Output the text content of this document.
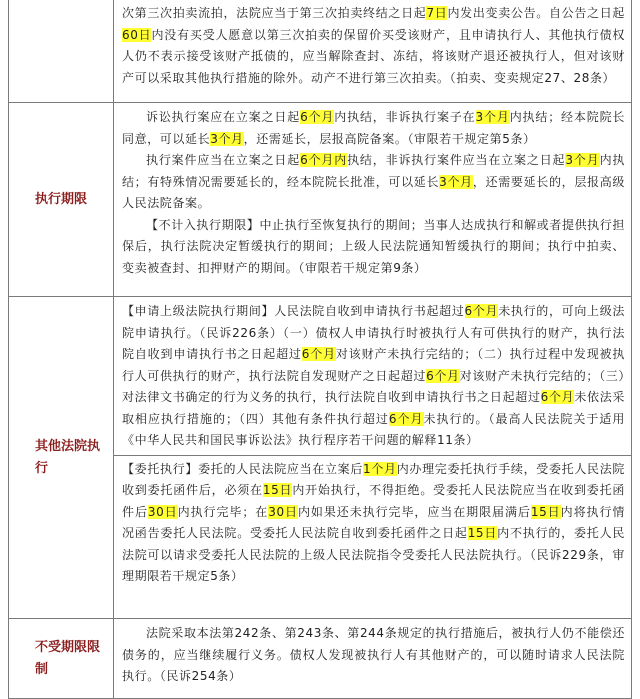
	次第三次拍卖流拍，法院应当于第三次拍卖终结之日起7日内发出变卖公告。自公告之日起60日内没有买受人愿意以第三次拍卖的保留价买受该财产，且申请执行人、其他执行债权人仍不表示接受该财产抵债的，应当解除查封、冻结，将该财产退还被执行人，但对该财产可以采取其他执行措施的除外。动产不进行第三次拍卖。（拍卖、变卖规定27、28条）

执行期限	诉讼执行案应在立案之日起6个月内执结，非诉执行案子在3个月内执结；经本院院长同意，可以延长3个月，还需延长，层报高院备案。（审限若干规定第5条）

执行案件应当在立案之日起6个月内执结，非诉执行案件应当在立案之日起3个月内执结；有特殊情况需要延长的，经本院院长批准，可以延长3个月，还需要延长的，层报高级人民法院备案。

【不计入执行期限】中止执行至恢复执行的期间；当事人达成执行和解或者提供执行担保后，执行法院决定暂缓执行的期间；上级人民法院通知暂缓执行的期间；执行中拍卖、变卖被查封、扣押财产的期间。（审限若干规定第9条）

其他法院执行	【申请上级法院执行期间】人民法院自收到申请执行书起超过6个月未执行的，可向上级法院申请执行。（民诉226条）（一）债权人申请执行时被执行人有可供执行的财产，执行法院自收到申请执行书之日起超过6个月对该财产未执行完结的；（二）执行过程中发现被执行人可供执行的财产，执行法院自发现财产之日起超过6个月对该财产未执行完结的；（三）对法律文书确定的行为义务的执行，执行法院自收到申请执行书之日起超过6个月未依法采取相应执行措施的；（四）其他有条件执行超过6个月未执行的。（最高人民法院关于适用《中华人民共和国民事诉讼法》执行程序若干问题的解释11条）

【委托执行】委托的人民法院应当在立案后1个月内办理完委托执行手续，受委托人民法院收到委托函件后，必须在15日内开始执行，不得拒绝。受委托人民法院应当在收到委托函件后30日内执行完毕；在30日内如果还未执行完毕，应当在期限届满后15日内将执行情况函告委托人民法院。受委托人民法院自收到委托函件之日起15日内不执行的，委托人民法院可以请求受委托人民法院的上级人民法院指令受委托人民法院执行。（民诉229条，审理期限若干规定5条）

不受期限限制	法院采取本法第242条、第243条、第244条规定的执行措施后，被执行人仍不能偿还债务的，应当继续履行义务。债权人发现被执行人有其他财产的，可以随时请求人民法院执行。（民诉254条）
